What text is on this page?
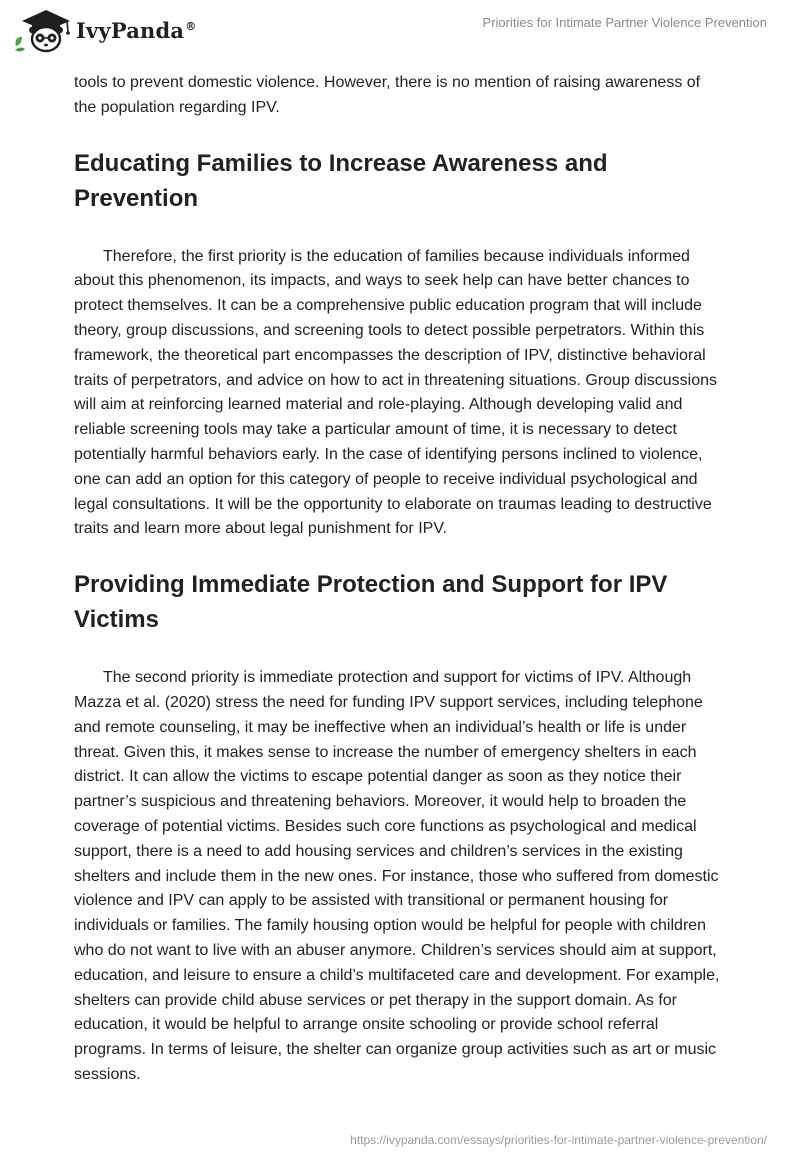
IvyPanda®	Priorities for Intimate Partner Violence Prevention

tools to prevent domestic violence. However, there is no mention of raising awareness of the population regarding IPV.

Educating Families to Increase Awareness and Prevention

Therefore, the first priority is the education of families because individuals informed about this phenomenon, its impacts, and ways to seek help can have better chances to protect themselves. It can be a comprehensive public education program that will include theory, group discussions, and screening tools to detect possible perpetrators. Within this framework, the theoretical part encompasses the description of IPV, distinctive behavioral traits of perpetrators, and advice on how to act in threatening situations. Group discussions will aim at reinforcing learned material and role-playing. Although developing valid and reliable screening tools may take a particular amount of time, it is necessary to detect potentially harmful behaviors early. In the case of identifying persons inclined to violence, one can add an option for this category of people to receive individual psychological and legal consultations. It will be the opportunity to elaborate on traumas leading to destructive traits and learn more about legal punishment for IPV.

Providing Immediate Protection and Support for IPV Victims

The second priority is immediate protection and support for victims of IPV. Although Mazza et al. (2020) stress the need for funding IPV support services, including telephone and remote counseling, it may be ineffective when an individual’s health or life is under threat. Given this, it makes sense to increase the number of emergency shelters in each district. It can allow the victims to escape potential danger as soon as they notice their partner’s suspicious and threatening behaviors. Moreover, it would help to broaden the coverage of potential victims. Besides such core functions as psychological and medical support, there is a need to add housing services and children’s services in the existing shelters and include them in the new ones. For instance, those who suffered from domestic violence and IPV can apply to be assisted with transitional or permanent housing for individuals or families. The family housing option would be helpful for people with children who do not want to live with an abuser anymore. Children’s services should aim at support, education, and leisure to ensure a child’s multifaceted care and development. For example, shelters can provide child abuse services or pet therapy in the support domain. As for education, it would be helpful to arrange onsite schooling or provide school referral programs. In terms of leisure, the shelter can organize group activities such as art or music sessions.

https://ivypanda.com/essays/priorities-for-intimate-partner-violence-prevention/
